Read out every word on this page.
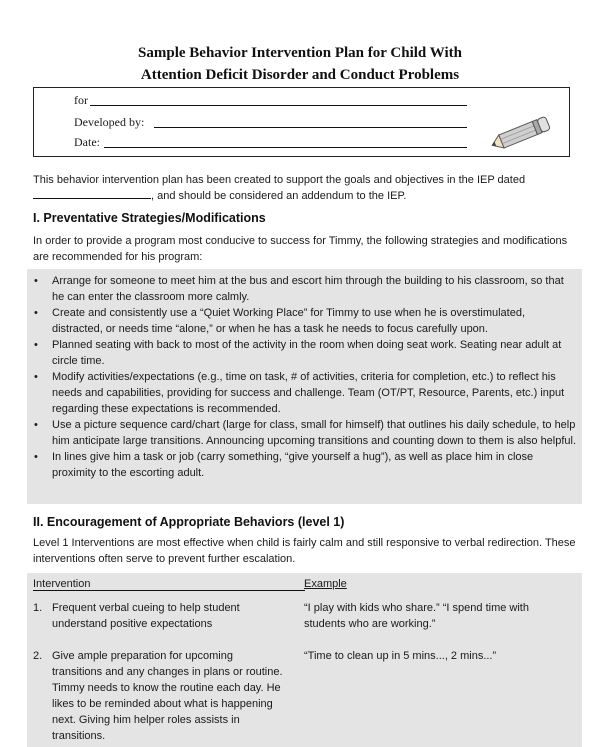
Sample Behavior Intervention Plan for Child With
Attention Deficit Disorder and Conduct Problems
for
Developed by:
Date:
This behavior intervention plan has been created to support the goals and objectives in the IEP dated
, and should be considered an addendum to the IEP.
I. Preventative Strategies/Modifications
In order to provide a program most conducive to success for Timmy, the following strategies and modifications are recommended for his program:
• Arrange for someone to meet him at the bus and escort him through the building to his classroom, so that he can enter the classroom more calmly.
• Create and consistently use a “Quiet Working Place” for Timmy to use when he is overstimulated, distracted, or needs time “alone,” or when he has a task he needs to focus carefully upon.
• Planned seating with back to most of the activity in the room when doing seat work. Seating near adult at circle time.
• Modify activities/expectations (e.g., time on task, # of activities, criteria for completion, etc.) to reflect his needs and capabilities, providing for success and challenge. Team (OT/PT, Resource, Parents, etc.) input regarding these expectations is recommended.
• Use a picture sequence card/chart (large for class, small for himself) that outlines his daily schedule, to help him anticipate large transitions. Announcing upcoming transitions and counting down to them is also helpful.
• In lines give him a task or job (carry something, “give yourself a hug”), as well as place him in close proximity to the escorting adult.
II. Encouragement of Appropriate Behaviors (level 1)
Level 1 Interventions are most effective when child is fairly calm and still responsive to verbal redirection. These interventions often serve to prevent further escalation.
Intervention	Example
1. Frequent verbal cueing to help student understand positive expectations
“I play with kids who share.” “I spend time with students who are working.”
2. Give ample preparation for upcoming transitions and any changes in plans or routine. Timmy needs to know the routine each day. He likes to be reminded about what is happening next. Giving him helper roles assists in transitions.
“Time to clean up in 5 mins..., 2 mins...”
